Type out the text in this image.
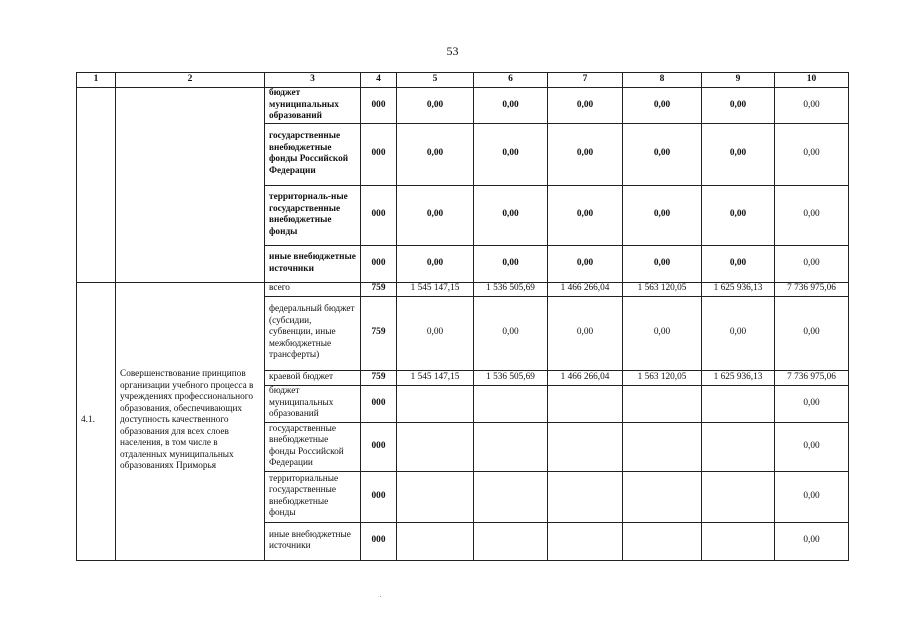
53
1	2	3	4	5	6	7	8	9	10
		бюджет муниципальных образований	000	0,00	0,00	0,00	0,00	0,00	0,00
		государственные внебюджетные фонды Российской Федерации	000	0,00	0,00	0,00	0,00	0,00	0,00
		территориаль-ные государственные внебюджетные фонды	000	0,00	0,00	0,00	0,00	0,00	0,00
		иные внебюджетные источники	000	0,00	0,00	0,00	0,00	0,00	0,00
4.1.	Совершенствование принципов организации учебного процесса в учреждениях профессионального образования, обеспечивающих доступность качественного образования для всех слоев населения, в том числе в отдаленных муниципальных образованиях Приморья	всего	759	1 545 147,15	1 536 505,69	1 466 266,04	1 563 120,05	1 625 936,13	7 736 975,06
		федеральный бюджет (субсидии, субвенции, иные межбюджетные трансферты)	759	0,00	0,00	0,00	0,00	0,00	0,00
		краевой бюджет	759	1 545 147,15	1 536 505,69	1 466 266,04	1 563 120,05	1 625 936,13	7 736 975,06
		бюджет муниципальных образований	000						0,00
		государственные внебюджетные фонды Российской Федерации	000						0,00
		территориальные государственные внебюджетные фонды	000						0,00
		иные внебюджетные источники	000						0,00
